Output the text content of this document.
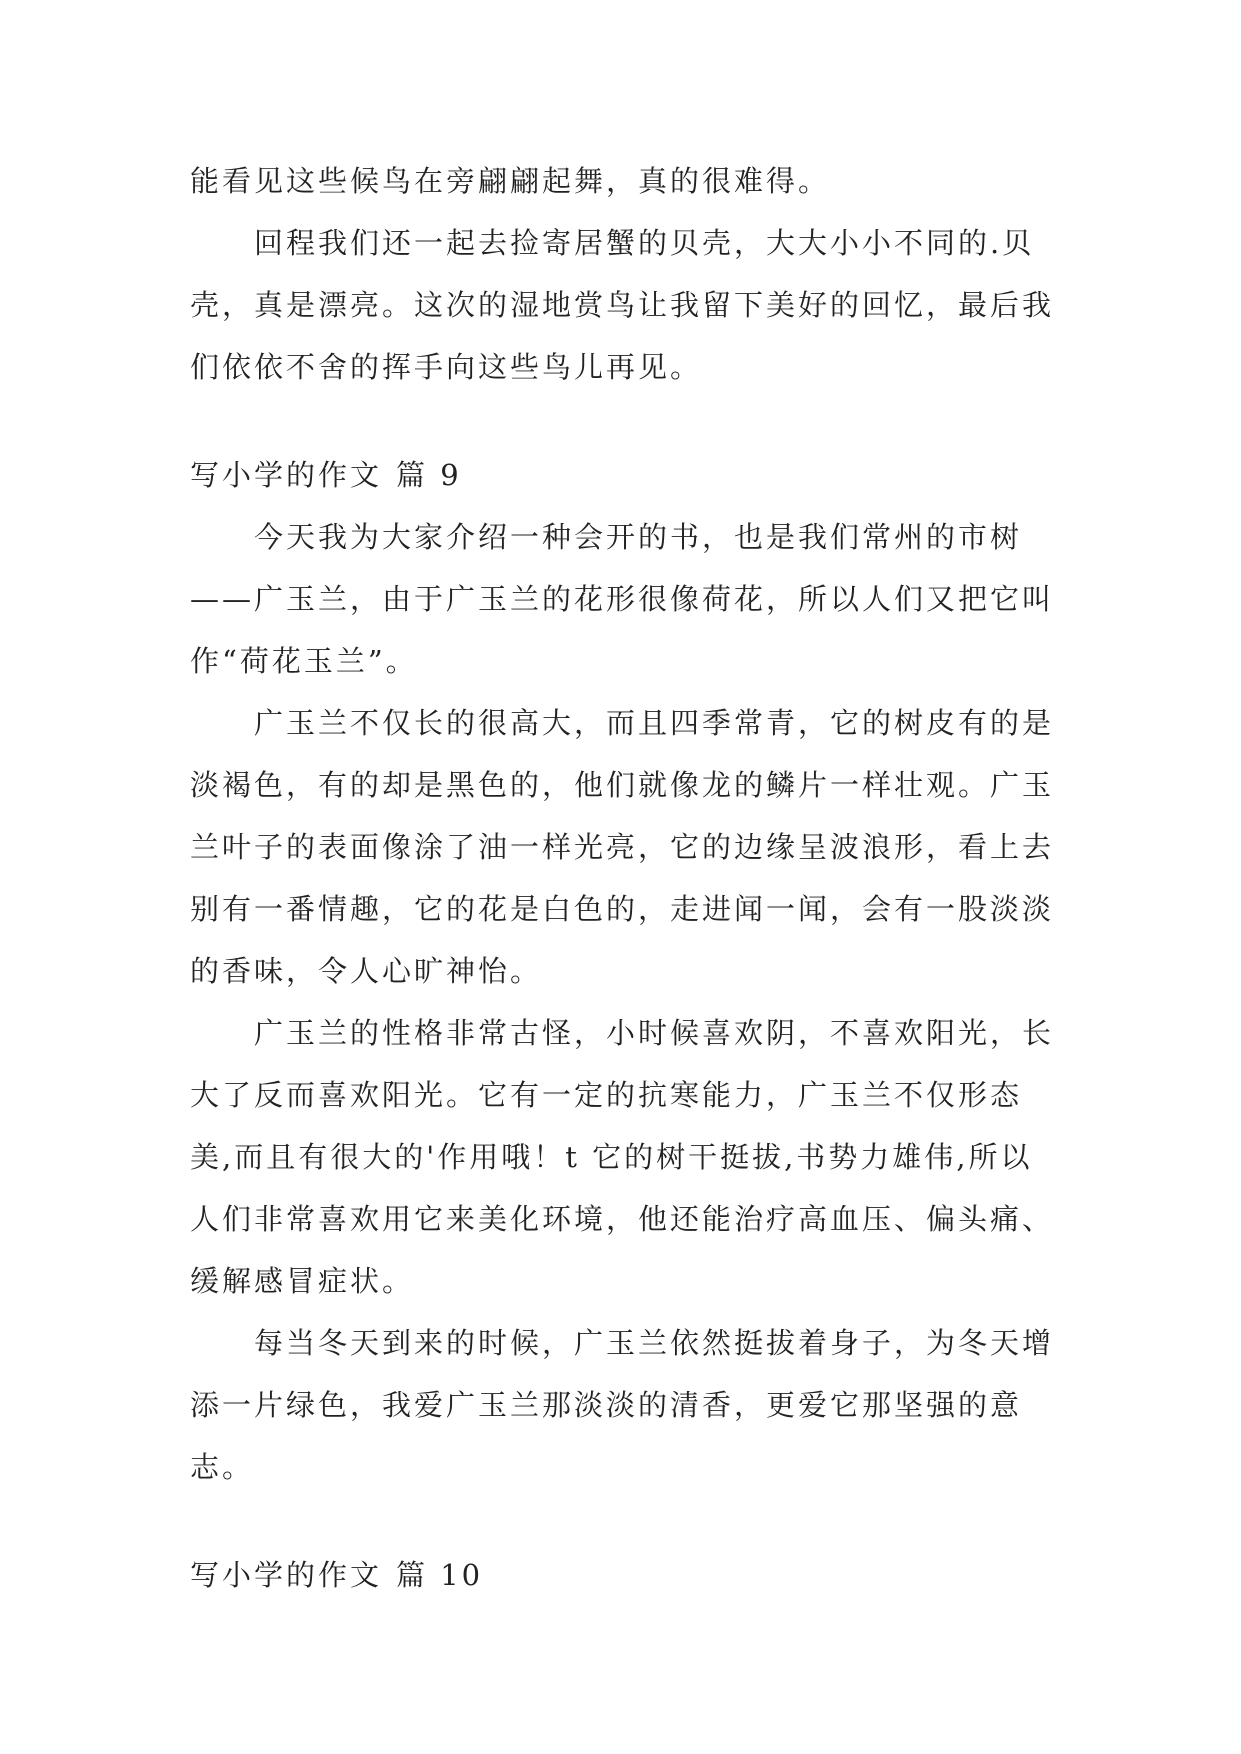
能看见这些候鸟在旁翩翩起舞，真的很难得。

回程我们还一起去捡寄居蟹的贝壳，大大小小不同的.贝壳，真是漂亮。这次的湿地赏鸟让我留下美好的回忆，最后我们依依不舍的挥手向这些鸟儿再见。

写小学的作文 篇 9

今天我为大家介绍一种会开的书，也是我们常州的市树——广玉兰，由于广玉兰的花形很像荷花，所以人们又把它叫作“荷花玉兰”。

广玉兰不仅长的很高大，而且四季常青，它的树皮有的是淡褐色，有的却是黑色的，他们就像龙的鳞片一样壮观。广玉兰叶子的表面像涂了油一样光亮，它的边缘呈波浪形，看上去别有一番情趣，它的花是白色的，走进闻一闻，会有一股淡淡的香味，令人心旷神怡。

广玉兰的性格非常古怪，小时候喜欢阴，不喜欢阳光，长大了反而喜欢阳光。它有一定的抗寒能力，广玉兰不仅形态美,而且有很大的'作用哦！t 它的树干挺拔,书势力雄伟,所以人们非常喜欢用它来美化环境，他还能治疗高血压、偏头痛、缓解感冒症状。

每当冬天到来的时候，广玉兰依然挺拔着身子，为冬天增添一片绿色，我爱广玉兰那淡淡的清香，更爱它那坚强的意志。

写小学的作文 篇 10
